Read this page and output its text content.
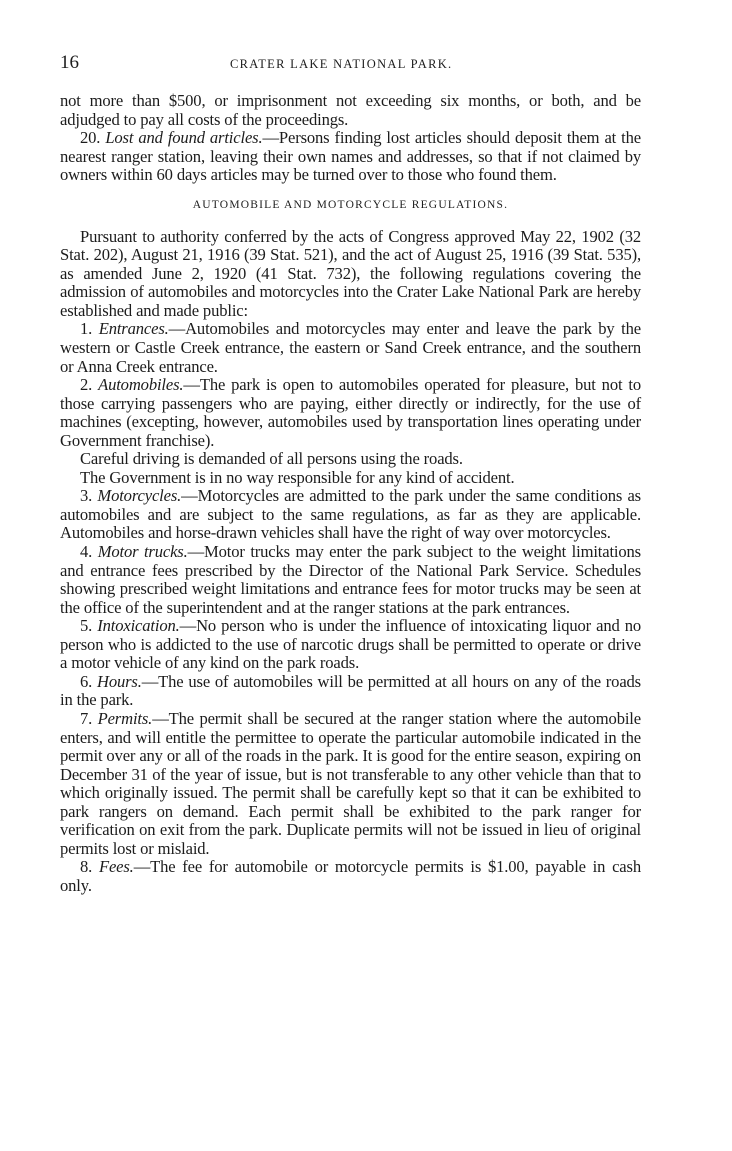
16	CRATER LAKE NATIONAL PARK.

not more than $500, or imprisonment not exceeding six months, or both, and be adjudged to pay all costs of the proceedings.

20. Lost and found articles.—Persons finding lost articles should deposit them at the nearest ranger station, leaving their own names and addresses, so that if not claimed by owners within 60 days articles may be turned over to those who found them.

AUTOMOBILE AND MOTORCYCLE REGULATIONS.

Pursuant to authority conferred by the acts of Congress approved May 22, 1902 (32 Stat. 202), August 21, 1916 (39 Stat. 521), and the act of August 25, 1916 (39 Stat. 535), as amended June 2, 1920 (41 Stat. 732), the following regulations covering the admission of automobiles and motorcycles into the Crater Lake National Park are hereby established and made public:

1. Entrances.—Automobiles and motorcycles may enter and leave the park by the western or Castle Creek entrance, the eastern or Sand Creek entrance, and the southern or Anna Creek entrance.

2. Automobiles.—The park is open to automobiles operated for pleasure, but not to those carrying passengers who are paying, either directly or indirectly, for the use of machines (excepting, however, automobiles used by transportation lines operating under Government franchise).

Careful driving is demanded of all persons using the roads.

The Government is in no way responsible for any kind of accident.

3. Motorcycles.—Motorcycles are admitted to the park under the same conditions as automobiles and are subject to the same regulations, as far as they are applicable. Automobiles and horse-drawn vehicles shall have the right of way over motorcycles.

4. Motor trucks.—Motor trucks may enter the park subject to the weight limitations and entrance fees prescribed by the Director of the National Park Service. Schedules showing prescribed weight limitations and entrance fees for motor trucks may be seen at the office of the superintendent and at the ranger stations at the park entrances.

5. Intoxication.—No person who is under the influence of intoxicating liquor and no person who is addicted to the use of narcotic drugs shall be permitted to operate or drive a motor vehicle of any kind on the park roads.

6. Hours.—The use of automobiles will be permitted at all hours on any of the roads in the park.

7. Permits.—The permit shall be secured at the ranger station where the automobile enters, and will entitle the permittee to operate the particular automobile indicated in the permit over any or all of the roads in the park. It is good for the entire season, expiring on December 31 of the year of issue, but is not transferable to any other vehicle than that to which originally issued. The permit shall be carefully kept so that it can be exhibited to park rangers on demand. Each permit shall be exhibited to the park ranger for verification on exit from the park. Duplicate permits will not be issued in lieu of original permits lost or mislaid.

8. Fees.—The fee for automobile or motorcycle permits is $1.00, payable in cash only.
